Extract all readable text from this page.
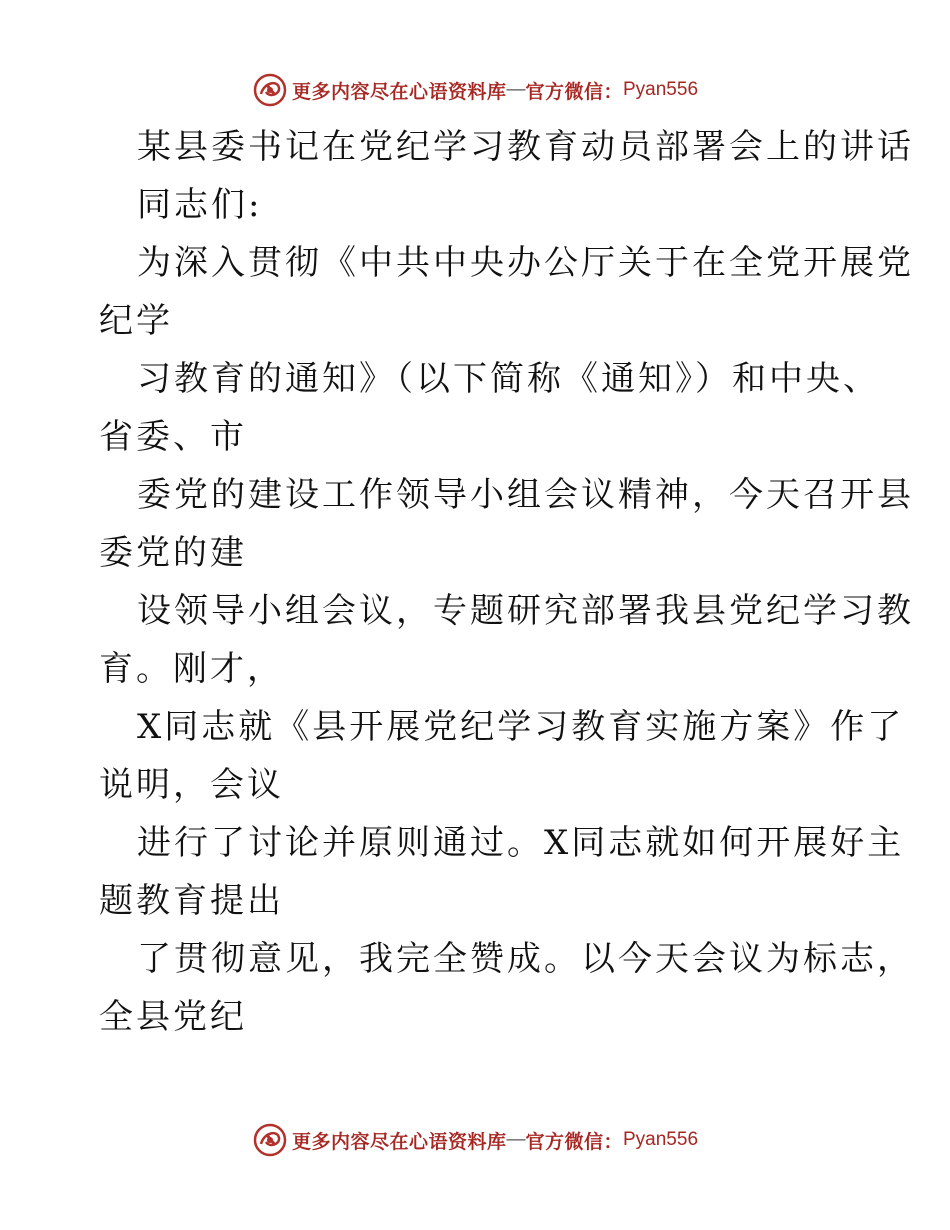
更多内容尽在心语资料库 — 官方微信： Pyan556
某县委书记在党纪学习教育动员部署会上的讲话
同志们:
为深入贯彻《中共中央办公厅关于在全党开展党
纪学
习教育的通知》（以下简称《通知》）和中央、
省委、市
委党的建设工作领导小组会议精神，今天召开县
委党的建
设领导小组会议，专题研究部署我县党纪学习教
育。刚才，
X同志就《县开展党纪学习教育实施方案》作了
说明，会议
进行了讨论并原则通过。X同志就如何开展好主
题教育提出
了贯彻意见，我完全赞成。以今天会议为标志，
全县党纪
更多内容尽在心语资料库 — 官方微信： Pyan556
